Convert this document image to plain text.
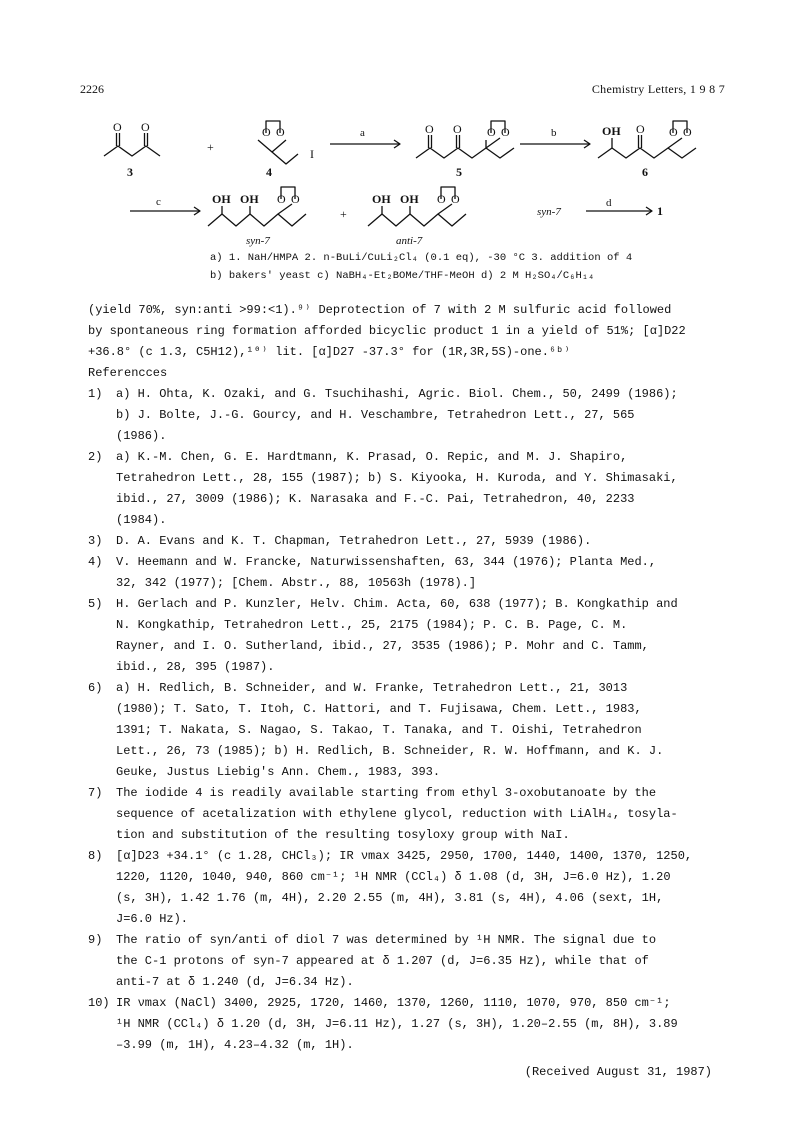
2226	Chemistry Letters, 1 9 8 7
O O
3
+
O O
I
4
a	O O O O
5
b	OH O O O
6
c	OH OH O O
syn-7
+
OH OH O O
anti-7
syn-7
d
1
a) 1. NaH/HMPA 2. n-BuLi/CuLi₂Cl₄ (0.1 eq), -30 °C 3. addition of 4
b) bakers' yeast c) NaBH₄-Et₂BOMe/THF-MeOH d) 2 M H₂SO₄/C₆H₁₄
(yield 70%, syn:anti >99:<1).⁹⁾ Deprotection of 7 with 2 M sulfuric acid followed
by spontaneous ring formation afforded bicyclic product 1 in a yield of 51%; [α]D22
+36.8° (c 1.3, C5H12),¹⁰⁾ lit. [α]D27 -37.3° for (1R,3R,5S)-one.⁶ᵇ⁾
Referencces
1) a) H. Ohta, K. Ozaki, and G. Tsuchihashi, Agric. Biol. Chem., 50, 2499 (1986);
b) J. Bolte, J.-G. Gourcy, and H. Veschambre, Tetrahedron Lett., 27, 565
(1986).
2) a) K.-M. Chen, G. E. Hardtmann, K. Prasad, O. Repic, and M. J. Shapiro,
Tetrahedron Lett., 28, 155 (1987); b) S. Kiyooka, H. Kuroda, and Y. Shimasaki,
ibid., 27, 3009 (1986); K. Narasaka and F.-C. Pai, Tetrahedron, 40, 2233
(1984).
3) D. A. Evans and K. T. Chapman, Tetrahedron Lett., 27, 5939 (1986).
4) V. Heemann and W. Francke, Naturwissenshaften, 63, 344 (1976); Planta Med.,
32, 342 (1977); [Chem. Abstr., 88, 10563h (1978).]
5) H. Gerlach and P. Kunzler, Helv. Chim. Acta, 60, 638 (1977); B. Kongkathip and
N. Kongkathip, Tetrahedron Lett., 25, 2175 (1984); P. C. B. Page, C. M.
Rayner, and I. O. Sutherland, ibid., 27, 3535 (1986); P. Mohr and C. Tamm,
ibid., 28, 395 (1987).
6) a) H. Redlich, B. Schneider, and W. Franke, Tetrahedron Lett., 21, 3013
(1980); T. Sato, T. Itoh, C. Hattori, and T. Fujisawa, Chem. Lett., 1983,
1391; T. Nakata, S. Nagao, S. Takao, T. Tanaka, and T. Oishi, Tetrahedron
Lett., 26, 73 (1985); b) H. Redlich, B. Schneider, R. W. Hoffmann, and K. J.
Geuke, Justus Liebig's Ann. Chem., 1983, 393.
7) The iodide 4 is readily available starting from ethyl 3-oxobutanoate by the
sequence of acetalization with ethylene glycol, reduction with LiAlH₄, tosyla-
tion and substitution of the resulting tosyloxy group with NaI.
8) [α]D23 +34.1° (c 1.28, CHCl₃); IR νmax 3425, 2950, 1700, 1440, 1400, 1370, 1250,
1220, 1120, 1040, 940, 860 cm⁻¹; ¹H NMR (CCl₄) δ 1.08 (d, 3H, J=6.0 Hz), 1.20
(s, 3H), 1.42 1.76 (m, 4H), 2.20 2.55 (m, 4H), 3.81 (s, 4H), 4.06 (sext, 1H,
J=6.0 Hz).
9) The ratio of syn/anti of diol 7 was determined by ¹H NMR. The signal due to
the C-1 protons of syn-7 appeared at δ 1.207 (d, J=6.35 Hz), while that of
anti-7 at δ 1.240 (d, J=6.34 Hz).
10) IR νmax (NaCl) 3400, 2925, 1720, 1460, 1370, 1260, 1110, 1070, 970, 850 cm⁻¹;
¹H NMR (CCl₄) δ 1.20 (d, 3H, J=6.11 Hz), 1.27 (s, 3H), 1.20–2.55 (m, 8H), 3.89
–3.99 (m, 1H), 4.23–4.32 (m, 1H).
(Received August 31, 1987)
